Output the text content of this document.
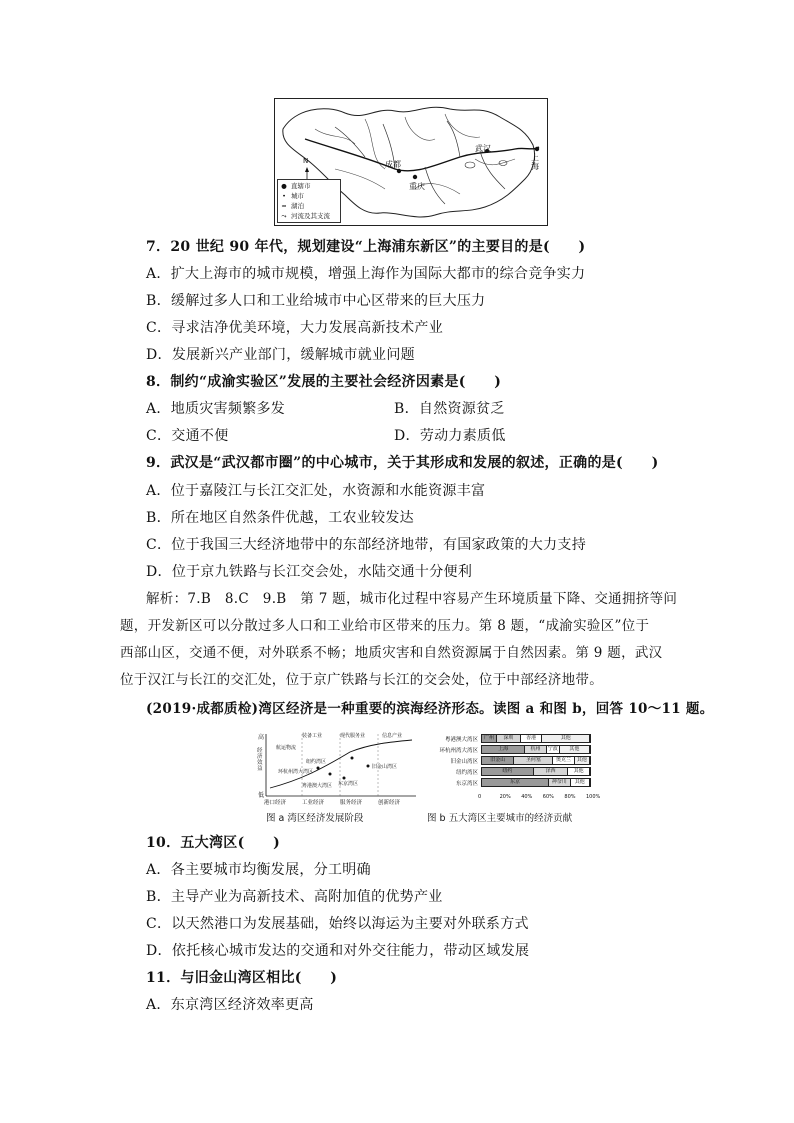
N	成都
重庆
武汉
上海
● 直辖市
• 城市
≈ 湖泊
⤳ 河流及其支流
7．20 世纪 90 年代，规划建设“上海浦东新区”的主要目的是(　　)
A．扩大上海市的城市规模，增强上海作为国际大都市的综合竞争实力
B．缓解过多人口和工业给城市中心区带来的巨大压力
C．寻求洁净优美环境，大力发展高新技术产业
D．发展新兴产业部门，缓解城市就业问题
8．制约“成渝实验区”发展的主要社会经济因素是(　　)
A．地质灾害频繁多发	B．自然资源贫乏
C．交通不便	D．劳动力素质低
9．武汉是“武汉都市圈”的中心城市，关于其形成和发展的叙述，正确的是(　　)
A．位于嘉陵江与长江交汇处，水资源和水能资源丰富
B．所在地区自然条件优越，工农业较发达
C．位于我国三大经济地带中的东部经济地带，有国家政策的大力支持
D．位于京九铁路与长江交会处，水陆交通十分便利
解析：7.B　8.C　9.B　第 7 题，城市化过程中容易产生环境质量下降、交通拥挤等问
题，开发新区可以分散过多人口和工业给市区带来的压力。第 8 题，“成渝实验区”位于
西部山区，交通不便，对外联系不畅；地质灾害和自然资源属于自然因素。第 9 题，武汉
位于汉江与长江的交汇处，位于京广铁路与长江的交会处，位于中部经济地带。
(2019·成都质检)湾区经济是一种重要的滨海经济形态。读图 a 和图 b，回答 10～11 题。
高
低
经济效益
航运物流
装备工业	现代服务业	信息产业
纽约湾区
环杭州湾大湾区
东京湾区
旧金山湾区
粤港澳大湾区
港口经济	工业经济	服务经济	创新经济
图 a 湾区经济发展阶段
粤港澳大湾区	广州	深圳	香港	其他
环杭州湾大湾区	上海	杭州	宁波	其他
旧金山湾区	旧金山	圣何塞	奥克兰	其他
纽约湾区	纽约	泽西	其他
东京湾区	东京	神奈川	其他
0	20% 40% 60% 80% 100%
图 b 五大湾区主要城市的经济贡献
10．五大湾区(　　)
A．各主要城市均衡发展，分工明确
B．主导产业为高新技术、高附加值的优势产业
C．以天然港口为发展基础，始终以海运为主要对外联系方式
D．依托核心城市发达的交通和对外交往能力，带动区域发展
11．与旧金山湾区相比(　　)
A．东京湾区经济效率更高
